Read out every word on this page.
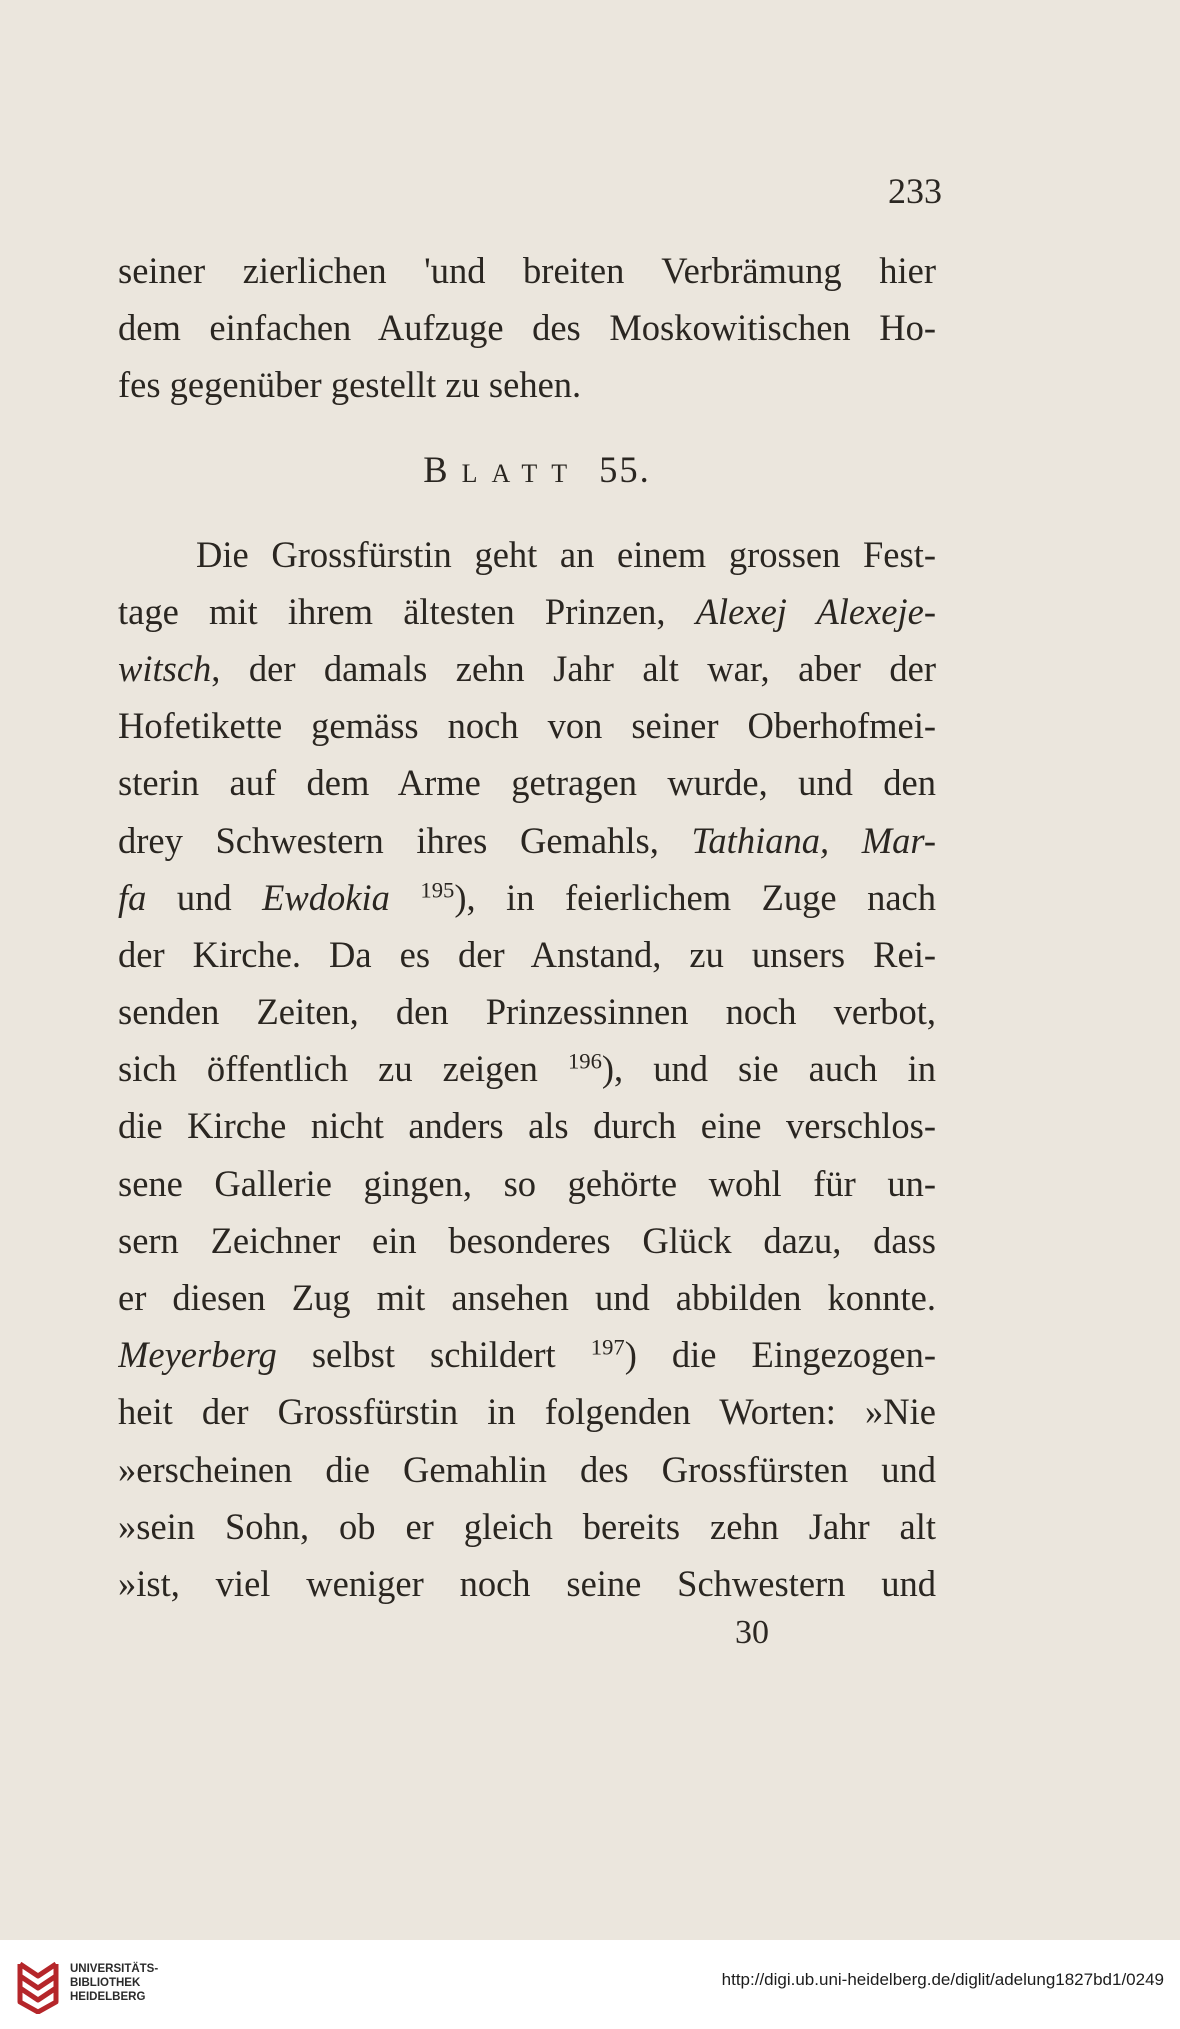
233
seiner zierlichen 'und breiten Verbrämung hier
dem einfachen Aufzuge des Moskowitischen Ho-
fes gegenüber gestellt zu sehen.
Blatt 55.
Die Grossfürstin geht an einem grossen Fest-
tage mit ihrem ältesten Prinzen, Alexej Alexeje-
witsch, der damals zehn Jahr alt war, aber der
Hofetikette gemäss noch von seiner Oberhofmei-
sterin auf dem Arme getragen wurde, und den
drey Schwestern ihres Gemahls, Tathiana, Mar-
fa und Ewdokia $^{195}$), in feierlichem Zuge nach
der Kirche. Da es der Anstand, zu unsers Rei-
senden Zeiten, den Prinzessinnen noch verbot,
sich öffentlich zu zeigen $^{196}$), und sie auch in
die Kirche nicht anders als durch eine verschlos-
sene Gallerie gingen, so gehörte wohl für un-
sern Zeichner ein besonderes Glück dazu, dass
er diesen Zug mit ansehen und abbilden konnte.
Meyerberg selbst schildert $^{197}$) die Eingezogen-
heit der Grossfürstin in folgenden Worten: »Nie
»erscheinen die Gemahlin des Grossfürsten und
»sein Sohn, ob er gleich bereits zehn Jahr alt
»ist, viel weniger noch seine Schwestern und
30
UNIVERSITÄTS-
BIBLIOTHEK
HEIDELBERG
http://digi.ub.uni-heidelberg.de/diglit/adelung1827bd1/0249
